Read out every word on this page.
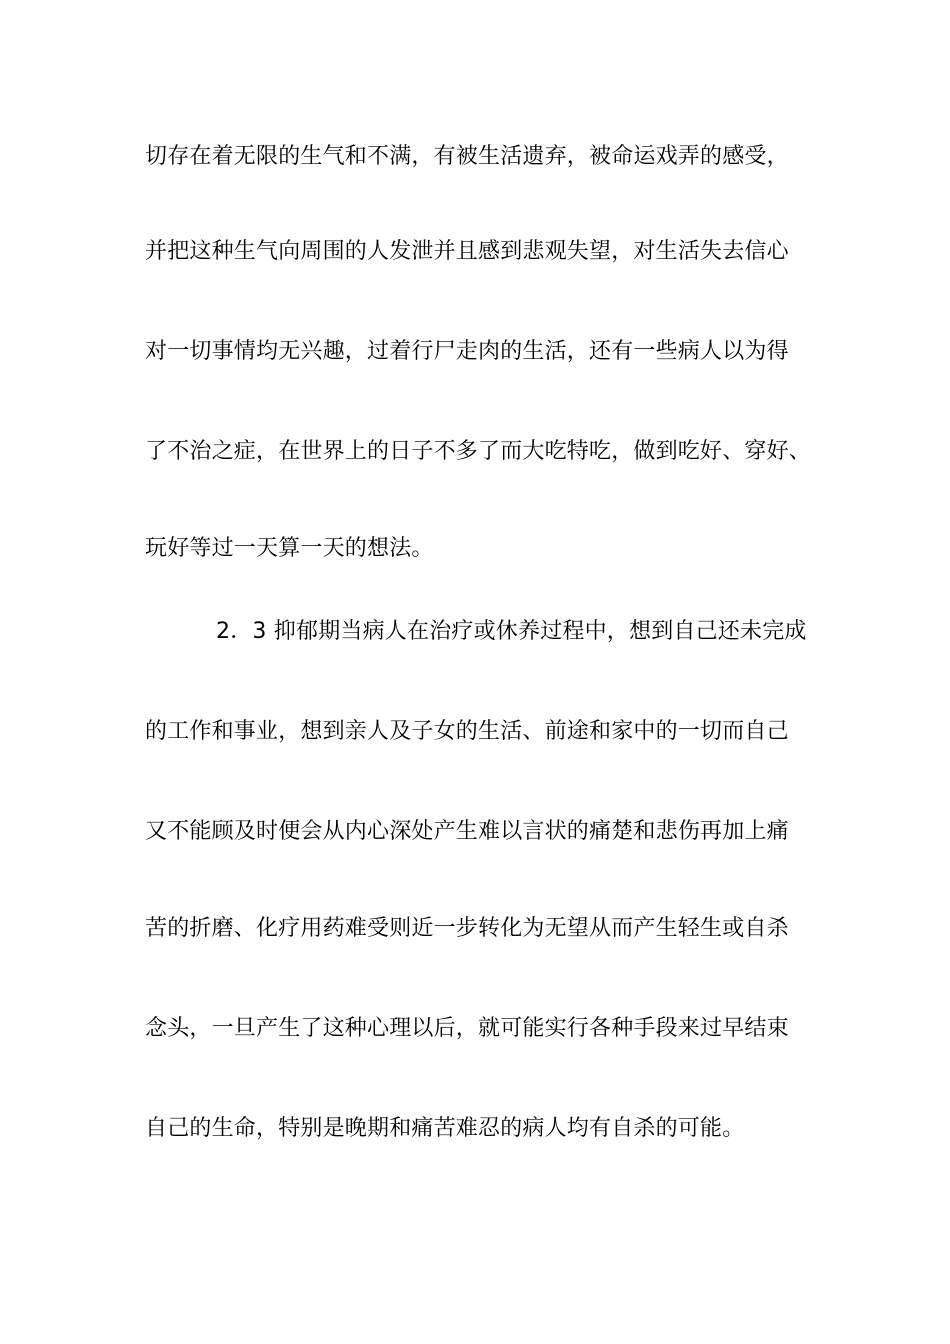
切存在着无限的生气和不满，有被生活遗弃，被命运戏弄的感受，
并把这种生气向周围的人发泄并且感到悲观失望，对生活失去信心
对一切事情均无兴趣，过着行尸走肉的生活，还有一些病人以为得
了不治之症，在世界上的日子不多了而大吃特吃，做到吃好、穿好、
玩好等过一天算一天的想法。
2．3 抑郁期当病人在治疗或休养过程中，想到自己还未完成
的工作和事业，想到亲人及子女的生活、前途和家中的一切而自己
又不能顾及时便会从内心深处产生难以言状的痛楚和悲伤再加上痛
苦的折磨、化疗用药难受则近一步转化为无望从而产生轻生或自杀
念头，一旦产生了这种心理以后，就可能实行各种手段来过早结束
自己的生命，特别是晚期和痛苦难忍的病人均有自杀的可能。
